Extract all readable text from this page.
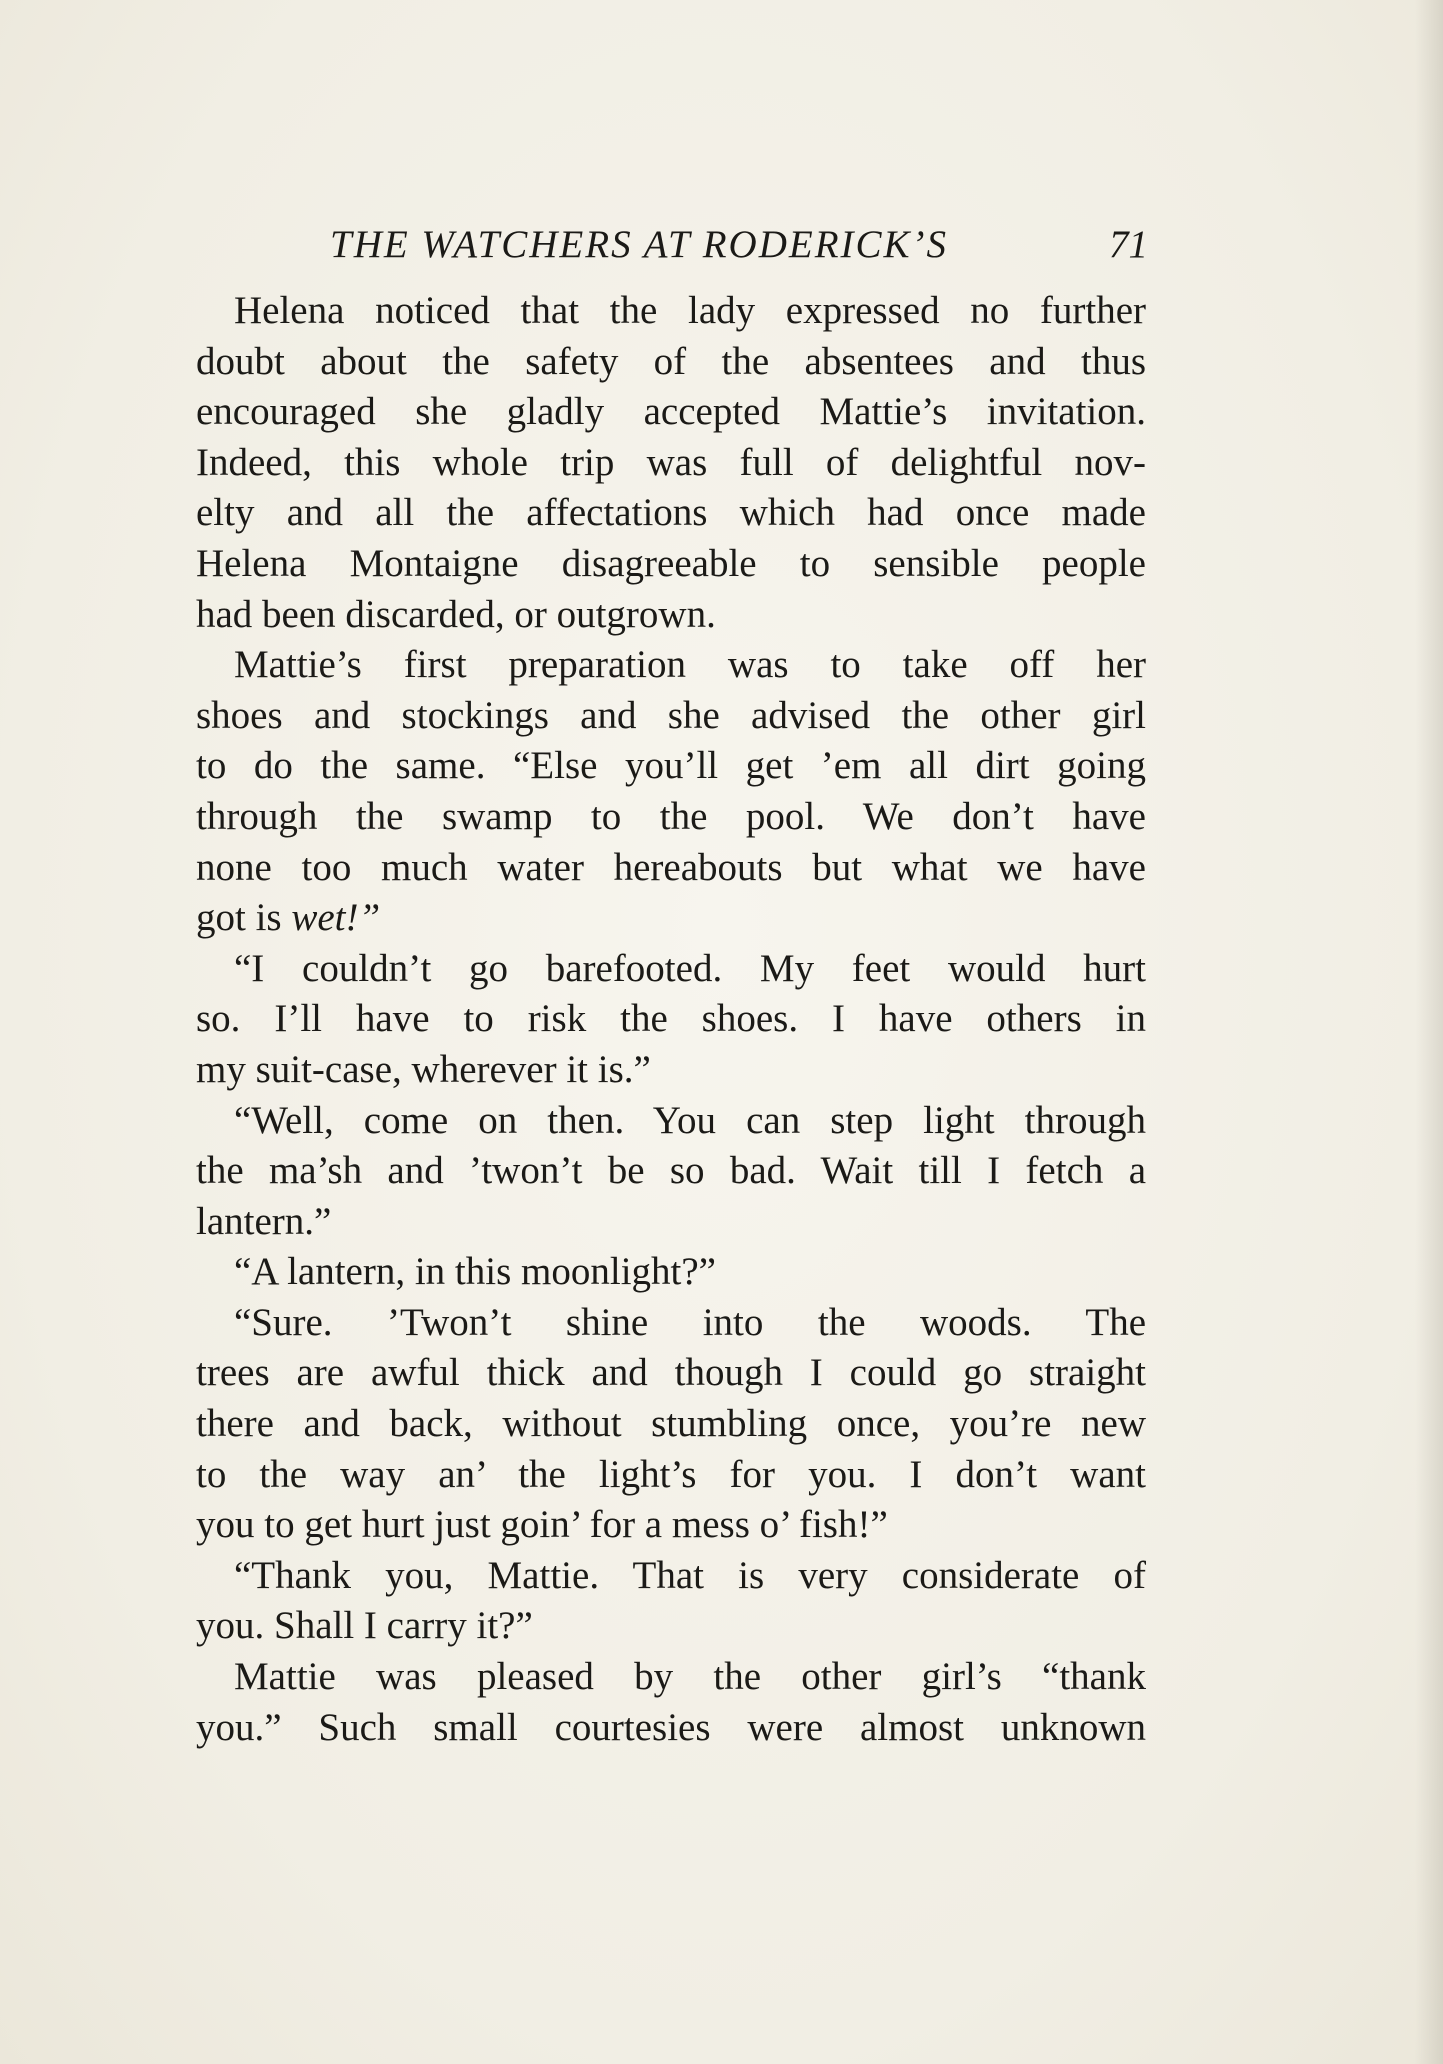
THE WATCHERS AT RODERICK’S	71
Helena noticed that the lady expressed no further
doubt about the safety of the absentees and thus
encouraged she gladly accepted Mattie’s invitation.
Indeed, this whole trip was full of delightful nov-
elty and all the affectations which had once made
Helena Montaigne disagreeable to sensible people
had been discarded, or outgrown.
Mattie’s first preparation was to take off her
shoes and stockings and she advised the other girl
to do the same. “Else you’ll get ’em all dirt going
through the swamp to the pool. We don’t have
none too much water hereabouts but what we have
got is wet!”
“I couldn’t go barefooted. My feet would hurt
so. I’ll have to risk the shoes. I have others in
my suit-case, wherever it is.”
“Well, come on then. You can step light through
the ma’sh and ’twon’t be so bad. Wait till I fetch a
lantern.”
“A lantern, in this moonlight?”
“Sure. ’Twon’t shine into the woods. The
trees are awful thick and though I could go straight
there and back, without stumbling once, you’re new
to the way an’ the light’s for you. I don’t want
you to get hurt just goin’ for a mess o’ fish!”
“Thank you, Mattie. That is very considerate of
you. Shall I carry it?”
Mattie was pleased by the other girl’s “thank
you.” Such small courtesies were almost unknown
